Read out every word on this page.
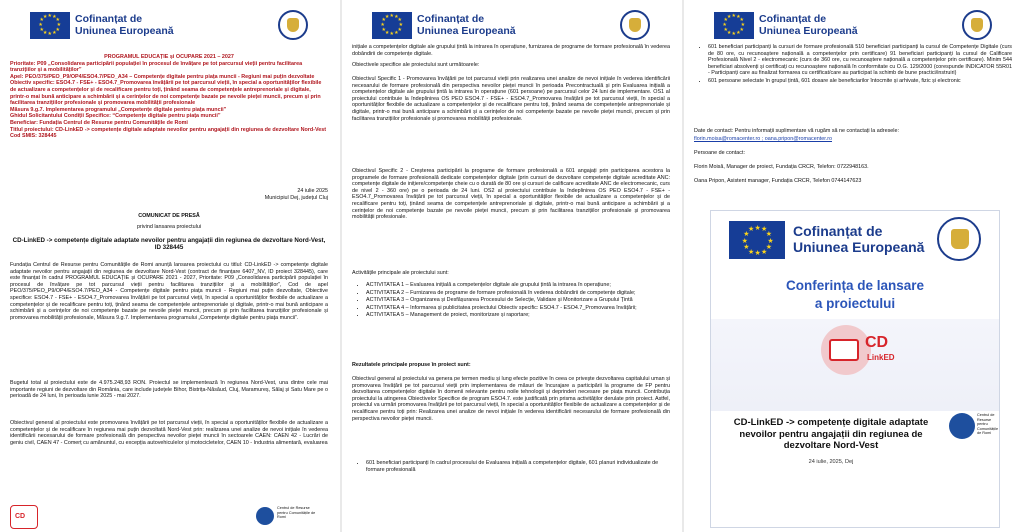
★
★
★
★
★
★
★
★
★ ★ ★
★ Cofinanțat de
Uniunea Europeană
PROGRAMUL EDUCAȚIE și OCUPARE 2021 – 2027
Prioritate: P09 „Consolidarea participării populației în procesul de învățare pe tot parcursul vieții pentru facilitarea tranzițiilor și a mobilităților”
Apel: PEO/375/PEO_P9/OP4/ESO4.7/PEO_A34 – Competențe digitale pentru piața muncii - Regiuni mai puțin dezvoltate
Obiectiv specific: ESO4.7 - FSE+ - ESO4.7_Promovarea învățării pe tot parcursul vieții, în special a oportunităților flexibile de actualizare a competențelor și de recalificare pentru toți, ținând seama de competențele antreprenoriale și digitale, printr-o mai bună anticipare a schimbării și a cerințelor de noi competențe bazate pe nevoile pieței muncii, precum și prin facilitarea tranzițiilor profesionale și promovarea mobilității profesionale
Măsura 9.g.7. Implementarea programului „Competențe digitale pentru piața muncii”
Ghidul Solicitantului Condiții Specifice: “Competențe digitale pentru piața muncii”
Beneficiar: Fundația Centrul de Resurse pentru Comunitățile de Romi
Titlul proiectului: CD-LinkED -> competențe digitale adaptate nevoilor pentru angajații din regiunea de dezvoltare Nord-Vest
Cod SMIS: 328445
24 iulie 2025
Municipiul Dej, județul Cluj
COMUNICAT DE PRESĂ
privind lansarea proiectului
CD-LinkED -> competențe digitale adaptate nevoilor pentru angajații din regiunea de dezvoltare Nord-Vest, ID 328445
Fundația Centrul de Resurse pentru Comunitățile de Romi anunță lansarea proiectului cu titlul: CD-LinkED -> competențe digitale adaptate nevoilor pentru angajații din regiunea de dezvoltare Nord-Vest (contract de finanțare 6407_NV, ID proiect 328445), care este finanțat în cadrul PROGRAMUL EDUCAȚIE și OCUPARE 2021 - 2027, Prioritate: P09 „Consolidarea participării populației în procesul de învățare pe tot parcursul vieții pentru facilitarea tranzițiilor și a mobilităților”, Cod de apel PEO/375/PEO_P9/OP4/ESO4.7/PEO_A34 - Competențe digitale pentru piața muncii - Regiuni mai puțin dezvoltate, Obiective specifice: ESO4.7 - FSE+ - ESO4.7_Promovarea învățării pe tot parcursul vieții, în special a oportunităților flexibile de actualizare a competențelor și de recalificare pentru toți, ținând seama de competențele antreprenoriale și digitale, printr-o mai bună anticipare a schimbării și a cerințelor de noi competențe bazate pe nevoile pieței muncii, precum și prin facilitarea tranzițiilor profesionale și promovarea mobilității profesionale, Măsura 9.g.7. Implementarea programului „Competențe digitale pentru piața muncii”.
Bugetul total al proiectului este de 4.975.248,93 RON. Proiectul se implementează în regiunea Nord-Vest, una dintre cele mai importante regiuni de dezvoltare din România, care include județele Bihor, Bistrița-Năsăud, Cluj, Maramureș, Sălaj și Satu Mare pe o perioadă de 24 luni, în perioada iunie 2025 - mai 2027.
Obiectivul general al proiectului este promovarea învățării pe tot parcursul vieții, în special a oportunităților flexibile de actualizare a competențelor și de recalificare în regiunea mai puțin dezvoltată Nord-Vest prin: realizarea unei analize de nevoi inițiale în vederea identificării necesarului de formare profesională din perspectiva nevoilor pieței muncii în sectoarele CAEN: CAEN 42 - Lucrări de geniu civil, CAEN 47 - Comerț cu amănuntul, cu excepția autovehiculelor și motocicletelor, CAEN 10 - Industria alimentară, evaluarea
CD
Centrul de Resurse pentru Comunitățile de Romi
★
★
★
★
★
★
★
★
★ ★ ★
★ Cofinanțat de
Uniunea Europeană
inițiale a competențelor digitale ale grupului țintă la intrarea în operațiune, furnizarea de programe de formare profesională în vederea dobândirii de competențe digitale.
Obiectivele specifice ale proiectului sunt următoarele:
Obiectivul Specific 1 - Promovarea învățării pe tot parcursul vieții prin realizarea unei analize de nevoi inițiale în vederea identificării necesarului de formare profesională din perspectiva nevoilor pieței muncii în perioada Precontractuală și prin Evaluarea inițială a competențelor digitale ale grupului țintă la intrarea în operațiune (601 persoane) pe parcursul celor 24 luni de implementare. OS1 al proiectului contribuie la îndeplinirea OS PEO ESO4.7 - FSE+ - ESO4.7_Promovarea învățării pe tot parcursul vieții, în special a oportunităților flexibile de actualizare a competențelor și de recalificare pentru toți, ținând seama de competențele antreprenoriale și digitale, printr-o mai bună anticipare a schimbării și a cerințelor de noi competențe bazate pe nevoile pieței muncii, precum și prin facilitarea tranzițiilor profesionale și promovarea mobilității profesionale.
Obiectivul Specific 2 - Creșterea participării la programe de formare profesională a 601 angajați prin participarea acestora la programele de formare profesională dedicate competențelor digitale (prin cursuri de dezvoltare competențe digitale acreditate ANC: competențe digitale de inițiere/competențe cheie cu o durată de 80 ore și cursuri de calificare acreditate ANC de electromecanic, curs de nivel 2 - 360 ore) pe o perioada de 24 luni. OS2 al proiectului contribuie la îndeplinirea OS PEO ESO4.7 - FSE+ - ESO4.7_Promovarea învățării pe tot parcursul vieții, în special a oportunităților flexibile de actualizare a competențelor și de recalificare pentru toți, ținând seama de competențele antreprenoriale și digitale, printr-o mai bună anticipare a schimbării și a cerințelor de noi competențe bazate pe nevoile pieței muncii, precum și prin facilitarea tranzițiilor profesionale și promovarea mobilității profesionale.
Activitățile principale ale proiectului sunt:
• ACTIVITATEA 1 – Evaluarea inițială a competențelor digitale ale grupului țintă la intrarea în operațiune;
• ACTIVITATEA 2 – Furnizarea de programe de formare profesională în vederea dobândirii de competențe digitale;
• ACTIVITATEA 3 – Organizarea și Desfășurarea Procesului de Selecție, Validare și Monitorizare a Grupului Țintă
• ACTIVITATEA 4 – Informarea și publicitatea proiectului Obiectiv specific: ESO4.7 - ESO4.7_Promovarea învățării;
• ACTIVITATEA 5 – Management de proiect, monitorizare și raportare;
Rezultatele principale propuse în proiect sunt:
Obiectivul general al proiectului va genera pe termen mediu și lung efecte pozitive în ceea ce privește dezvoltarea capitalului uman și promovarea învățării pe tot parcursul vieții prin implementarea de măsuri de încurajare a participării la programe de FP pentru dezvoltarea competențelor digitale în domenii relevante pentru noile tehnologii și deprinderi necesare pe piața muncii. Contribuția proiectului la atingerea Obiectivelor Specifice de program ESO4.7. este justificată prin prisma activităților derulate prin proiect. Astfel, proiectul va urmări promovarea învățării pe tot parcursul vieții, în special a oportunităților flexibile de actualizare a competențelor și de recalificare pentru toți prin: Realizarea unei analize de nevoi inițiale în vederea identificării necesarului de formare profesională din perspectiva nevoilor pieței muncii.
• 601 beneficiari participanți în cadrul procesului de Evaluarea inițială a competențelor digitale, 601 planuri individualizate de formare profesională
★
★
★
★
★
★
★
★
★ ★ ★
★ Cofinanțat de
Uniunea Europeană
• 601 beneficiari participanți la cursuri de formare profesională 510 beneficiari participanți la cursul de Competențe Digitale (curs de 80 ore, cu recunoaștere națională a competențelor prin certificare) 91 beneficiari participanți la cursul de Calificare Profesională Nivel 2 - electromecanic (curs de 360 ore, cu recunoaștere națională a competențelor prin certificare). Minim 544 beneficiari absolvenți și certificați cu recunoaștere națională în conformitate cu O.G. 129/2000 (corespunde INDICATOR 55R01 - Participanți care au finalizat formarea cu certificat/care au participat la schimb de bune practici/instruiri)
• 601 persoane selectate în grupul țintă, 601 dosare ale beneficiarilor întocmite și arhivate, fizic și electronic
Date de contact: Pentru informații suplimentare vă rugăm să ne contactați la adresele:
florin.moisa@romacenter.ro ; oana.pripon@romacenter.ro
Persoane de contact:
Florin Moisă, Manager de proiect, Fundația CRCR, Telefon: 0722948163.
Oana Pripon, Asistent manager, Fundația CRCR, Telefon 0744147623
★
★
★
★
★
★
★
★
★ ★ ★
★ Cofinanțat de
Uniunea Europeană
Conferința de lansare
a proiectului
CD
LinkED
CD-LinkED -> competențe digitale adaptate nevoilor pentru angajații din regiunea de dezvoltare Nord-Vest
24 iulie, 2025, Dej
Centrul de Resurse pentru Comunitățile de Romi
